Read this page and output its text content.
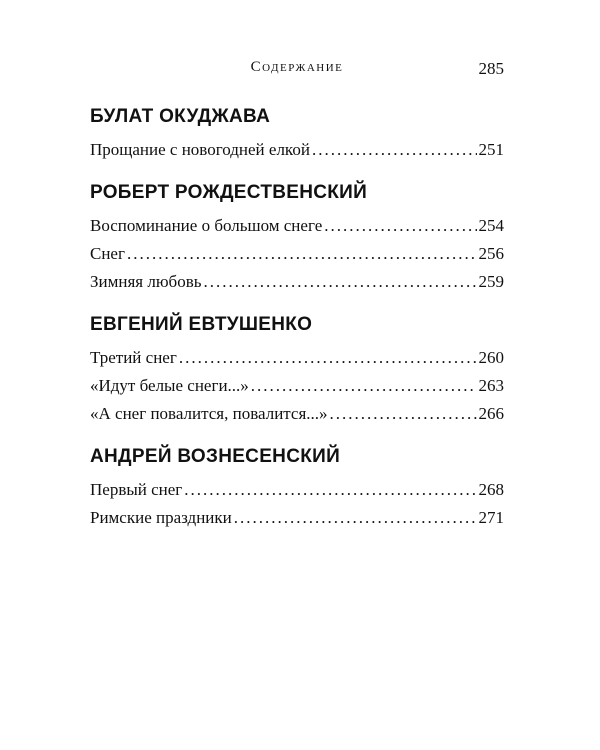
Содержание	285
БУЛАТ ОКУДЖАВА
Прощание с новогодней елкой .....	251
РОБЕРТ РОЖДЕСТВЕНСКИЙ
Воспоминание о большом снеге .....	254
Снег .....	256
Зимняя любовь .....	259
ЕВГЕНИЙ ЕВТУШЕНКО
Третий снег .....	260
«Идут белые снеги...» .....	263
«А снег повалится, повалится...» .....	266
АНДРЕЙ ВОЗНЕСЕНСКИЙ
Первый снег .....	268
Римские праздники .....	271
